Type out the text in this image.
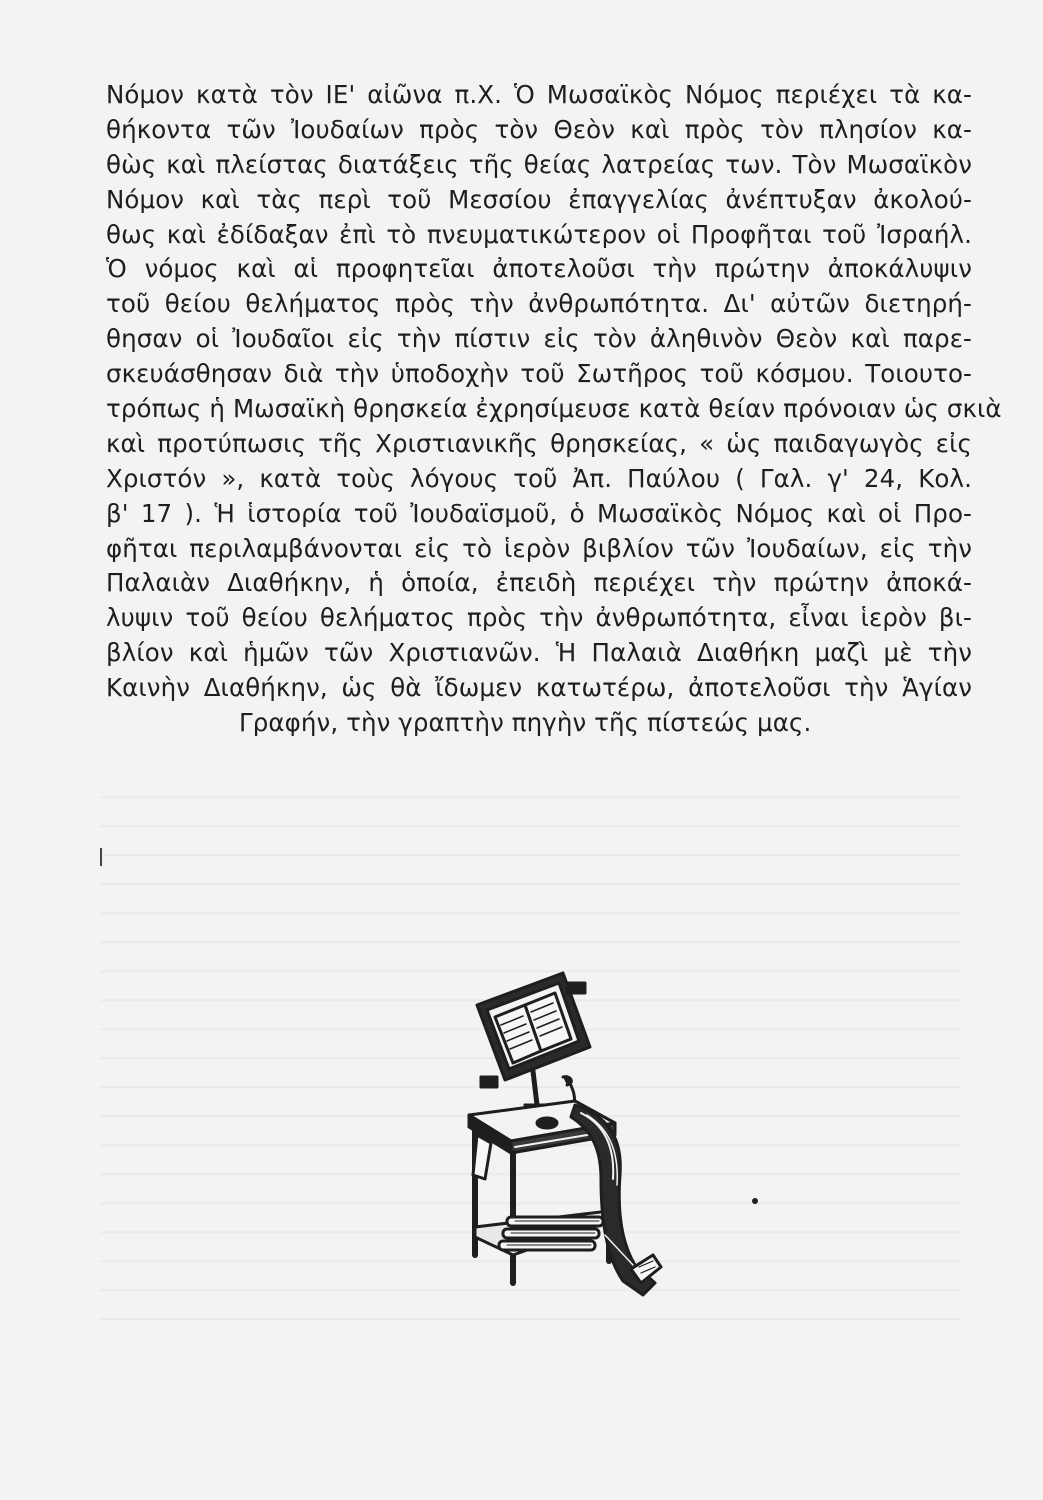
Νόμον κατὰ τὸν ΙΕ' αἰῶνα π.Χ. Ὁ Μωσαϊκὸς Νόμος περιέχει τὰ κα-
θήκοντα τῶν Ἰουδαίων πρὸς τὸν Θεὸν καὶ πρὸς τὸν πλησίον κα-
θὼς καὶ πλείστας διατάξεις τῆς θείας λατρείας των. Τὸν Μωσαϊκὸν
Νόμον καὶ τὰς περὶ τοῦ Μεσσίου ἐπαγγελίας ἀνέπτυξαν ἀκολού-
θως καὶ ἐδίδαξαν ἐπὶ τὸ πνευματικώτερον οἱ Προφῆται τοῦ Ἰσραήλ.
Ὁ νόμος καὶ αἱ προφητεῖαι ἀποτελοῦσι τὴν πρώτην ἀποκάλυψιν
τοῦ θείου θελήματος πρὸς τὴν ἀνθρωπότητα. Δι' αὐτῶν διετηρή-
θησαν οἱ Ἰουδαῖοι εἰς τὴν πίστιν εἰς τὸν ἀληθινὸν Θεὸν καὶ παρε-
σκευάσθησαν διὰ τὴν ὑποδοχὴν τοῦ Σωτῆρος τοῦ κόσμου. Τοιουτο-
τρόπως ἡ Μωσαϊκὴ θρησκεία ἐχρησίμευσε κατὰ θείαν πρόνοιαν ὡς σκιὰ
καὶ προτύπωσις τῆς Χριστιανικῆς θρησκείας, « ὡς παιδαγωγὸς εἰς
Χριστόν », κατὰ τοὺς λόγους τοῦ Ἀπ. Παύλου ( Γαλ. γ' 24, Κολ.
β' 17 ). Ἡ ἱστορία τοῦ Ἰουδαϊσμοῦ, ὁ Μωσαϊκὸς Νόμος καὶ οἱ Προ-
φῆται περιλαμβάνονται εἰς τὸ ἱερὸν βιβλίον τῶν Ἰουδαίων, εἰς τὴν
Παλαιὰν Διαθήκην, ἡ ὁποία, ἐπειδὴ περιέχει τὴν πρώτην ἀποκά-
λυψιν τοῦ θείου θελήματος πρὸς τὴν ἀνθρωπότητα, εἶναι ἱερὸν βι-
βλίον καὶ ἡμῶν τῶν Χριστιανῶν. Ἡ Παλαιὰ Διαθήκη μαζὶ μὲ τὴν
Καινὴν Διαθήκην, ὡς θὰ ἴδωμεν κατωτέρω, ἀποτελοῦσι τὴν Ἁγίαν
Γραφήν, τὴν γραπτὴν πηγὴν τῆς πίστεώς μας.
